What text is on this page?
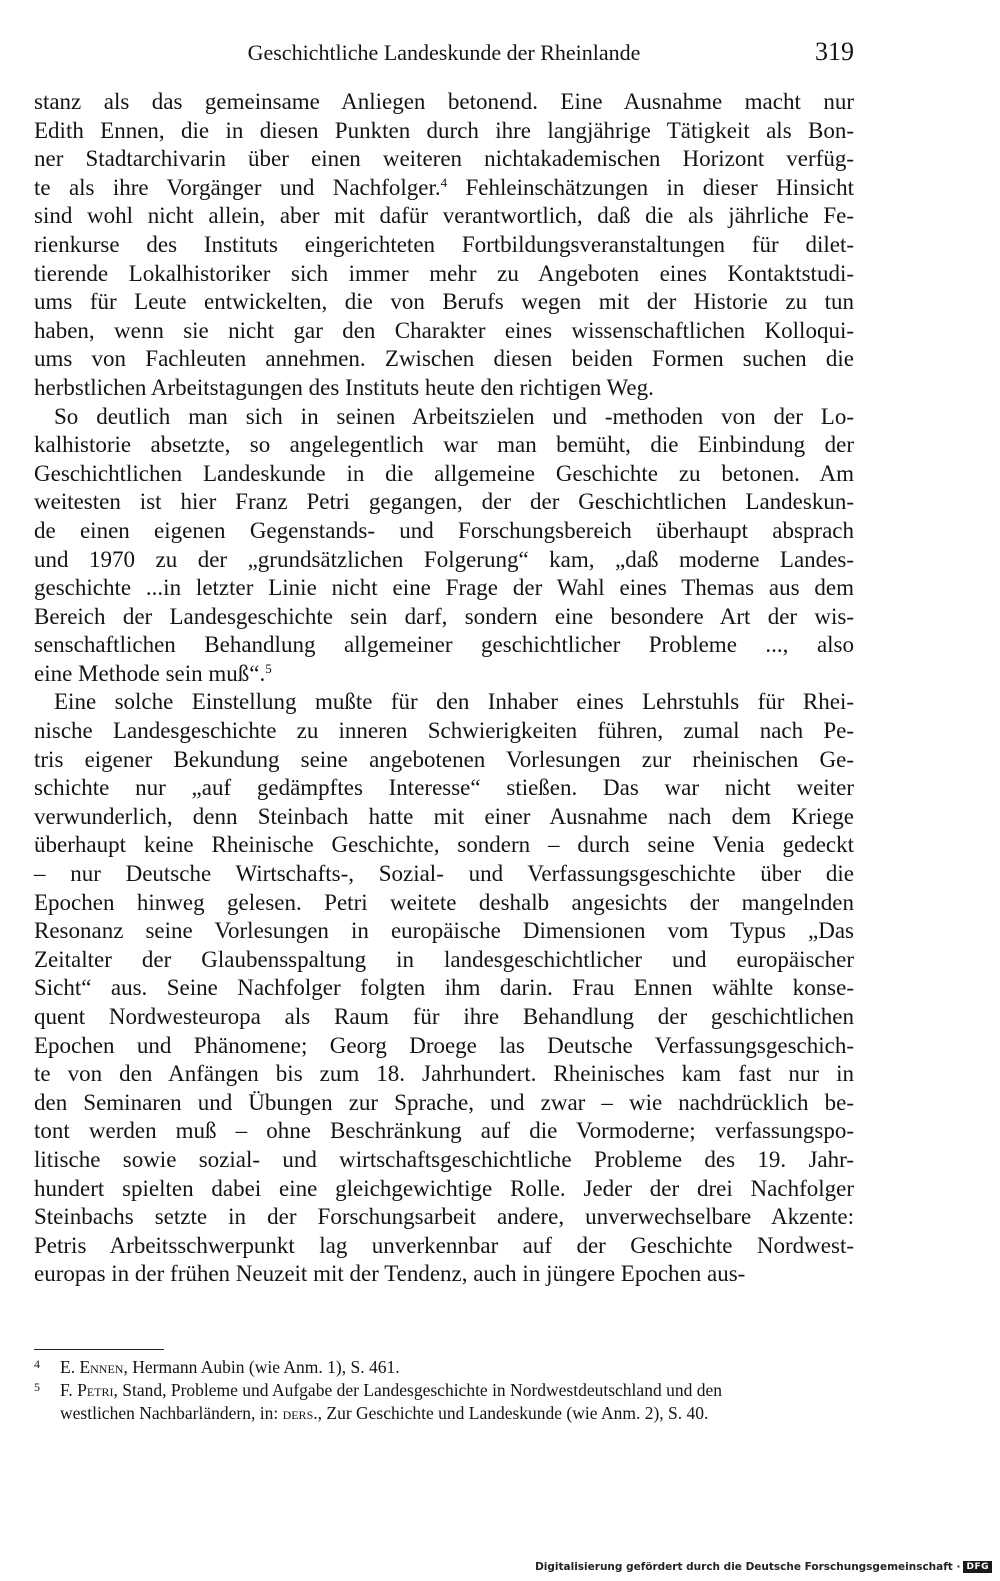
Geschichtliche Landeskunde der Rheinlande	319
stanz als das gemeinsame Anliegen betonend. Eine Ausnahme macht nur
Edith Ennen, die in diesen Punkten durch ihre langjährige Tätigkeit als Bon-
ner Stadtarchivarin über einen weiteren nichtakademischen Horizont verfüg-
te als ihre Vorgänger und Nachfolger.$^4$ Fehleinschätzungen in dieser Hinsicht
sind wohl nicht allein, aber mit dafür verantwortlich, daß die als jährliche Fe-
rienkurse des Instituts eingerichteten Fortbildungsveranstaltungen für dilet-
tierende Lokalhistoriker sich immer mehr zu Angeboten eines Kontaktstudi-
ums für Leute entwickelten, die von Berufs wegen mit der Historie zu tun
haben, wenn sie nicht gar den Charakter eines wissenschaftlichen Kolloqui-
ums von Fachleuten annehmen. Zwischen diesen beiden Formen suchen die
herbstlichen Arbeitstagungen des Instituts heute den richtigen Weg.
So deutlich man sich in seinen Arbeitszielen und -methoden von der Lo-
kalhistorie absetzte, so angelegentlich war man bemüht, die Einbindung der
Geschichtlichen Landeskunde in die allgemeine Geschichte zu betonen. Am
weitesten ist hier Franz Petri gegangen, der der Geschichtlichen Landeskun-
de einen eigenen Gegenstands- und Forschungsbereich überhaupt absprach
und 1970 zu der „grundsätzlichen Folgerung“ kam, „daß moderne Landes-
geschichte ...in letzter Linie nicht eine Frage der Wahl eines Themas aus dem
Bereich der Landesgeschichte sein darf, sondern eine besondere Art der wis-
senschaftlichen Behandlung allgemeiner geschichtlicher Probleme ..., also
eine Methode sein muß“.$^5$
Eine solche Einstellung mußte für den Inhaber eines Lehrstuhls für Rhei-
nische Landesgeschichte zu inneren Schwierigkeiten führen, zumal nach Pe-
tris eigener Bekundung seine angebotenen Vorlesungen zur rheinischen Ge-
schichte nur „auf gedämpftes Interesse“ stießen. Das war nicht weiter
verwunderlich, denn Steinbach hatte mit einer Ausnahme nach dem Kriege
überhaupt keine Rheinische Geschichte, sondern – durch seine Venia gedeckt
– nur Deutsche Wirtschafts-, Sozial- und Verfassungsgeschichte über die
Epochen hinweg gelesen. Petri weitete deshalb angesichts der mangelnden
Resonanz seine Vorlesungen in europäische Dimensionen vom Typus „Das
Zeitalter der Glaubensspaltung in landesgeschichtlicher und europäischer
Sicht“ aus. Seine Nachfolger folgten ihm darin. Frau Ennen wählte konse-
quent Nordwesteuropa als Raum für ihre Behandlung der geschichtlichen
Epochen und Phänomene; Georg Droege las Deutsche Verfassungsgeschich-
te von den Anfängen bis zum 18. Jahrhundert. Rheinisches kam fast nur in
den Seminaren und Übungen zur Sprache, und zwar – wie nachdrücklich be-
tont werden muß – ohne Beschränkung auf die Vormoderne; verfassungspo-
litische sowie sozial- und wirtschaftsgeschichtliche Probleme des 19. Jahr-
hundert spielten dabei eine gleichgewichtige Rolle. Jeder der drei Nachfolger
Steinbachs setzte in der Forschungsarbeit andere, unverwechselbare Akzente:
Petris Arbeitsschwerpunkt lag unverkennbar auf der Geschichte Nordwest-
europas in der frühen Neuzeit mit der Tendenz, auch in jüngere Epochen aus-
4 E. Ennen, Hermann Aubin (wie Anm. 1), S. 461.
5 F. Petri, Stand, Probleme und Aufgabe der Landesgeschichte in Nordwestdeutschland und den
westlichen Nachbarländern, in: ders., Zur Geschichte und Landeskunde (wie Anm. 2), S. 40.
Digitalisierung gefördert durch die Deutsche Forschungsgemeinschaft · DFG
